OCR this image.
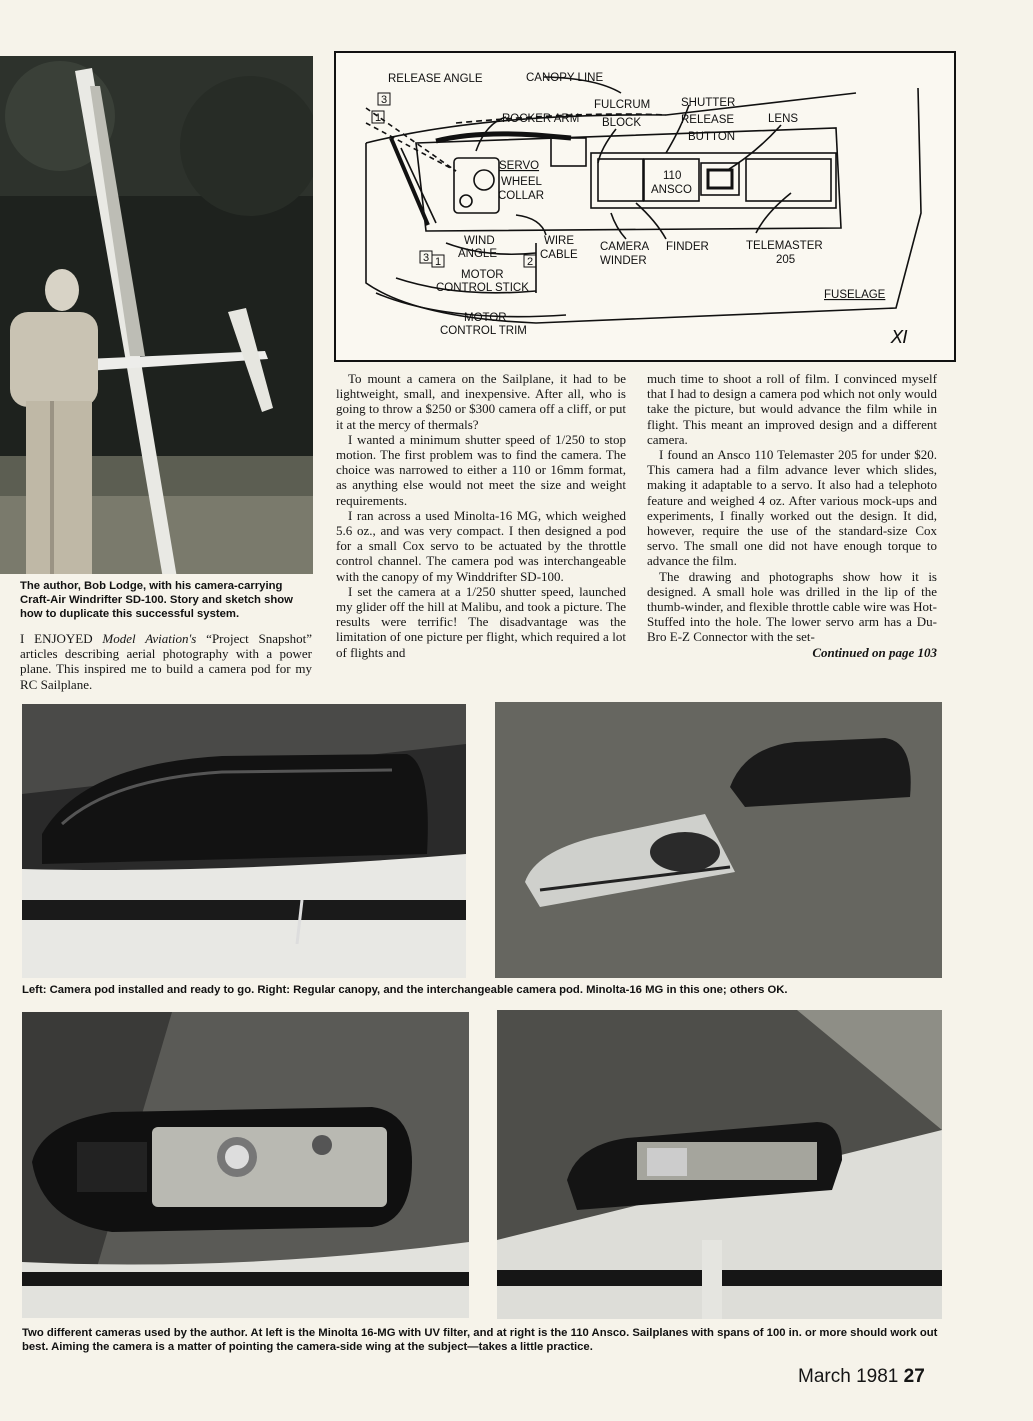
The author, Bob Lodge, with his camera-carrying Craft-Air Windrifter SD-100. Story and sketch show how to duplicate this successful system.
3
1
3 1	2
RELEASE ANGLE	CANOPY LINE
ROCKER ARM
FULCRUM
BLOCK
SHUTTER
RELEASE
BUTTON
LENS
SERVO
WHEEL
COLLAR
110
ANSCO
WIND
ANGLE
WIRE
CABLE
CAMERA
WINDER
FINDER	TELEMASTER
205
MOTOR
CONTROL STICK
MOTOR
CONTROL TRIM
FUSELAGE
Ⅺ

I ENJOYED Model Aviation's “Project Snapshot” articles describing aerial photography with a power plane. This inspired me to build a camera pod for my RC Sailplane.

To mount a camera on the Sailplane, it had to be lightweight, small, and inexpensive. After all, who is going to throw a $250 or $300 camera off a cliff, or put it at the mercy of thermals?

I wanted a minimum shutter speed of 1/250 to stop motion. The first problem was to find the camera. The choice was narrowed to either a 110 or 16mm format, as anything else would not meet the size and weight requirements.

I ran across a used Minolta-16 MG, which weighed 5.6 oz., and was very compact. I then designed a pod for a small Cox servo to be actuated by the throttle control channel. The camera pod was interchangeable with the canopy of my Winddrifter SD-100.

I set the camera at a 1/250 shutter speed, launched my glider off the hill at Malibu, and took a picture. The results were terrific! The disadvantage was the limitation of one picture per flight, which required a lot of flights and

much time to shoot a roll of film. I convinced myself that I had to design a camera pod which not only would take the picture, but would advance the film while in flight. This meant an improved design and a different camera.

I found an Ansco 110 Telemaster 205 for under $20. This camera had a film advance lever which slides, making it adaptable to a servo. It also had a telephoto feature and weighed 4 oz. After various mock-ups and experiments, I finally worked out the design. It did, however, require the use of the standard-size Cox servo. The small one did not have enough torque to advance the film.

The drawing and photographs show how it is designed. A small hole was drilled in the lip of the thumb-winder, and flexible throttle cable wire was Hot-Stuffed into the hole. The lower servo arm has a Du-Bro E-Z Connector with the set-

Continued on page 103
Left: Camera pod installed and ready to go. Right: Regular canopy, and the interchangeable camera pod. Minolta-16 MG in this one; others OK.
Two different cameras used by the author. At left is the Minolta 16-MG with UV filter, and at right is the 110 Ansco. Sailplanes with spans of 100 in. or more should work out best. Aiming the camera is a matter of pointing the camera-side wing at the subject—takes a little practice.
March 1981 27
